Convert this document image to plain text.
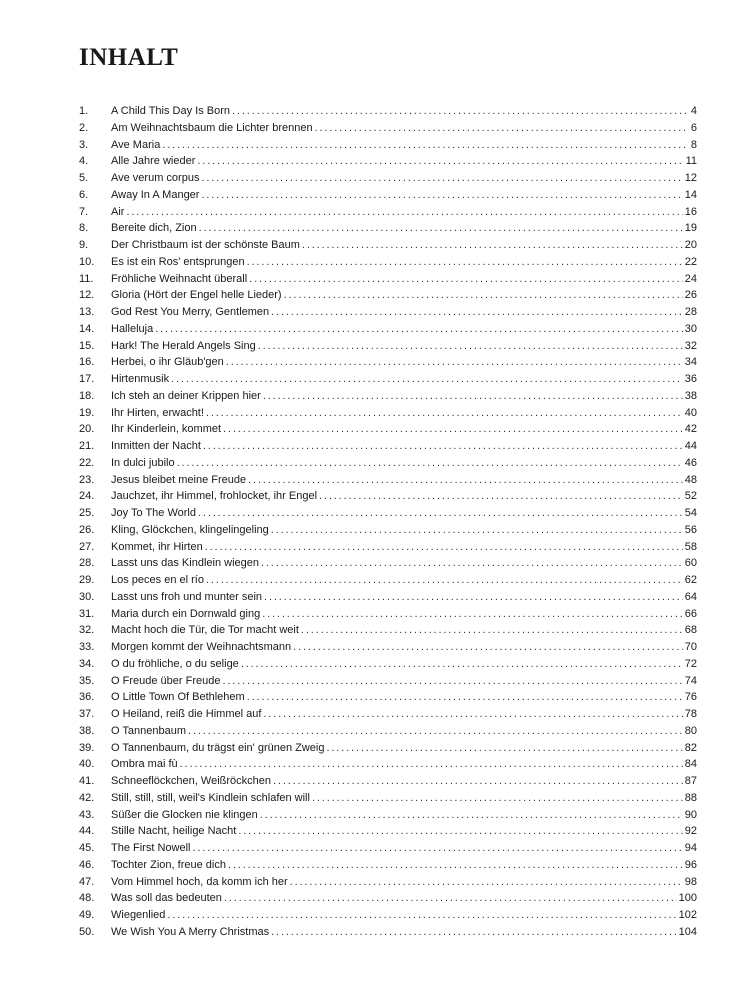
INHALT
1.	A Child This Day Is Born . . .	4
2.	Am Weihnachtsbaum die Lichter brennen . . .	6
3.	Ave Maria . . .	8
4.	Alle Jahre wieder . . .	11
5.	Ave verum corpus . . .	12
6.	Away In A Manger . . .	14
7.	Air . . .	16
8.	Bereite dich, Zion . . .	19
9.	Der Christbaum ist der schönste Baum . . .	20
10.	Es ist ein Ros' entsprungen . . .	22
11.	Fröhliche Weihnacht überall . . .	24
12.	Gloria (Hört der Engel helle Lieder) . . .	26
13.	God Rest You Merry, Gentlemen . . .	28
14.	Halleluja . . .	30
15.	Hark! The Herald Angels Sing . . .	32
16.	Herbei, o ihr Gläub'gen . . .	34
17.	Hirtenmusik . . .	36
18.	Ich steh an deiner Krippen hier . . .	38
19.	Ihr Hirten, erwacht! . . .	40
20.	Ihr Kinderlein, kommet . . .	42
21.	Inmitten der Nacht . . .	44
22.	In dulci jubilo . . .	46
23.	Jesus bleibet meine Freude . . .	48
24.	Jauchzet, ihr Himmel, frohlocket, ihr Engel . . .	52
25.	Joy To The World . . .	54
26.	Kling, Glöckchen, klingelingeling . . .	56
27.	Kommet, ihr Hirten . . .	58
28.	Lasst uns das Kindlein wiegen . . .	60
29.	Los peces en el río . . .	62
30.	Lasst uns froh und munter sein . . .	64
31.	Maria durch ein Dornwald ging . . .	66
32.	Macht hoch die Tür, die Tor macht weit . . .	68
33.	Morgen kommt der Weihnachtsmann . . .	70
34.	O du fröhliche, o du selige . . .	72
35.	O Freude über Freude . . .	74
36.	O Little Town Of Bethlehem . . .	76
37.	O Heiland, reiß die Himmel auf . . .	78
38.	O Tannenbaum . . .	80
39.	O Tannenbaum, du trägst ein' grünen Zweig . . .	82
40.	Ombra mai fù . . .	84
41.	Schneeflöckchen, Weißröckchen . . .	87
42.	Still, still, still, weil's Kindlein schlafen will . . .	88
43.	Süßer die Glocken nie klingen . . .	90
44.	Stille Nacht, heilige Nacht . . .	92
45.	The First Nowell . . .	94
46.	Tochter Zion, freue dich . . .	96
47.	Vom Himmel hoch, da komm ich her . . .	98
48.	Was soll das bedeuten . . .	100
49.	Wiegenlied . . .	102
50.	We Wish You A Merry Christmas . . .	104
